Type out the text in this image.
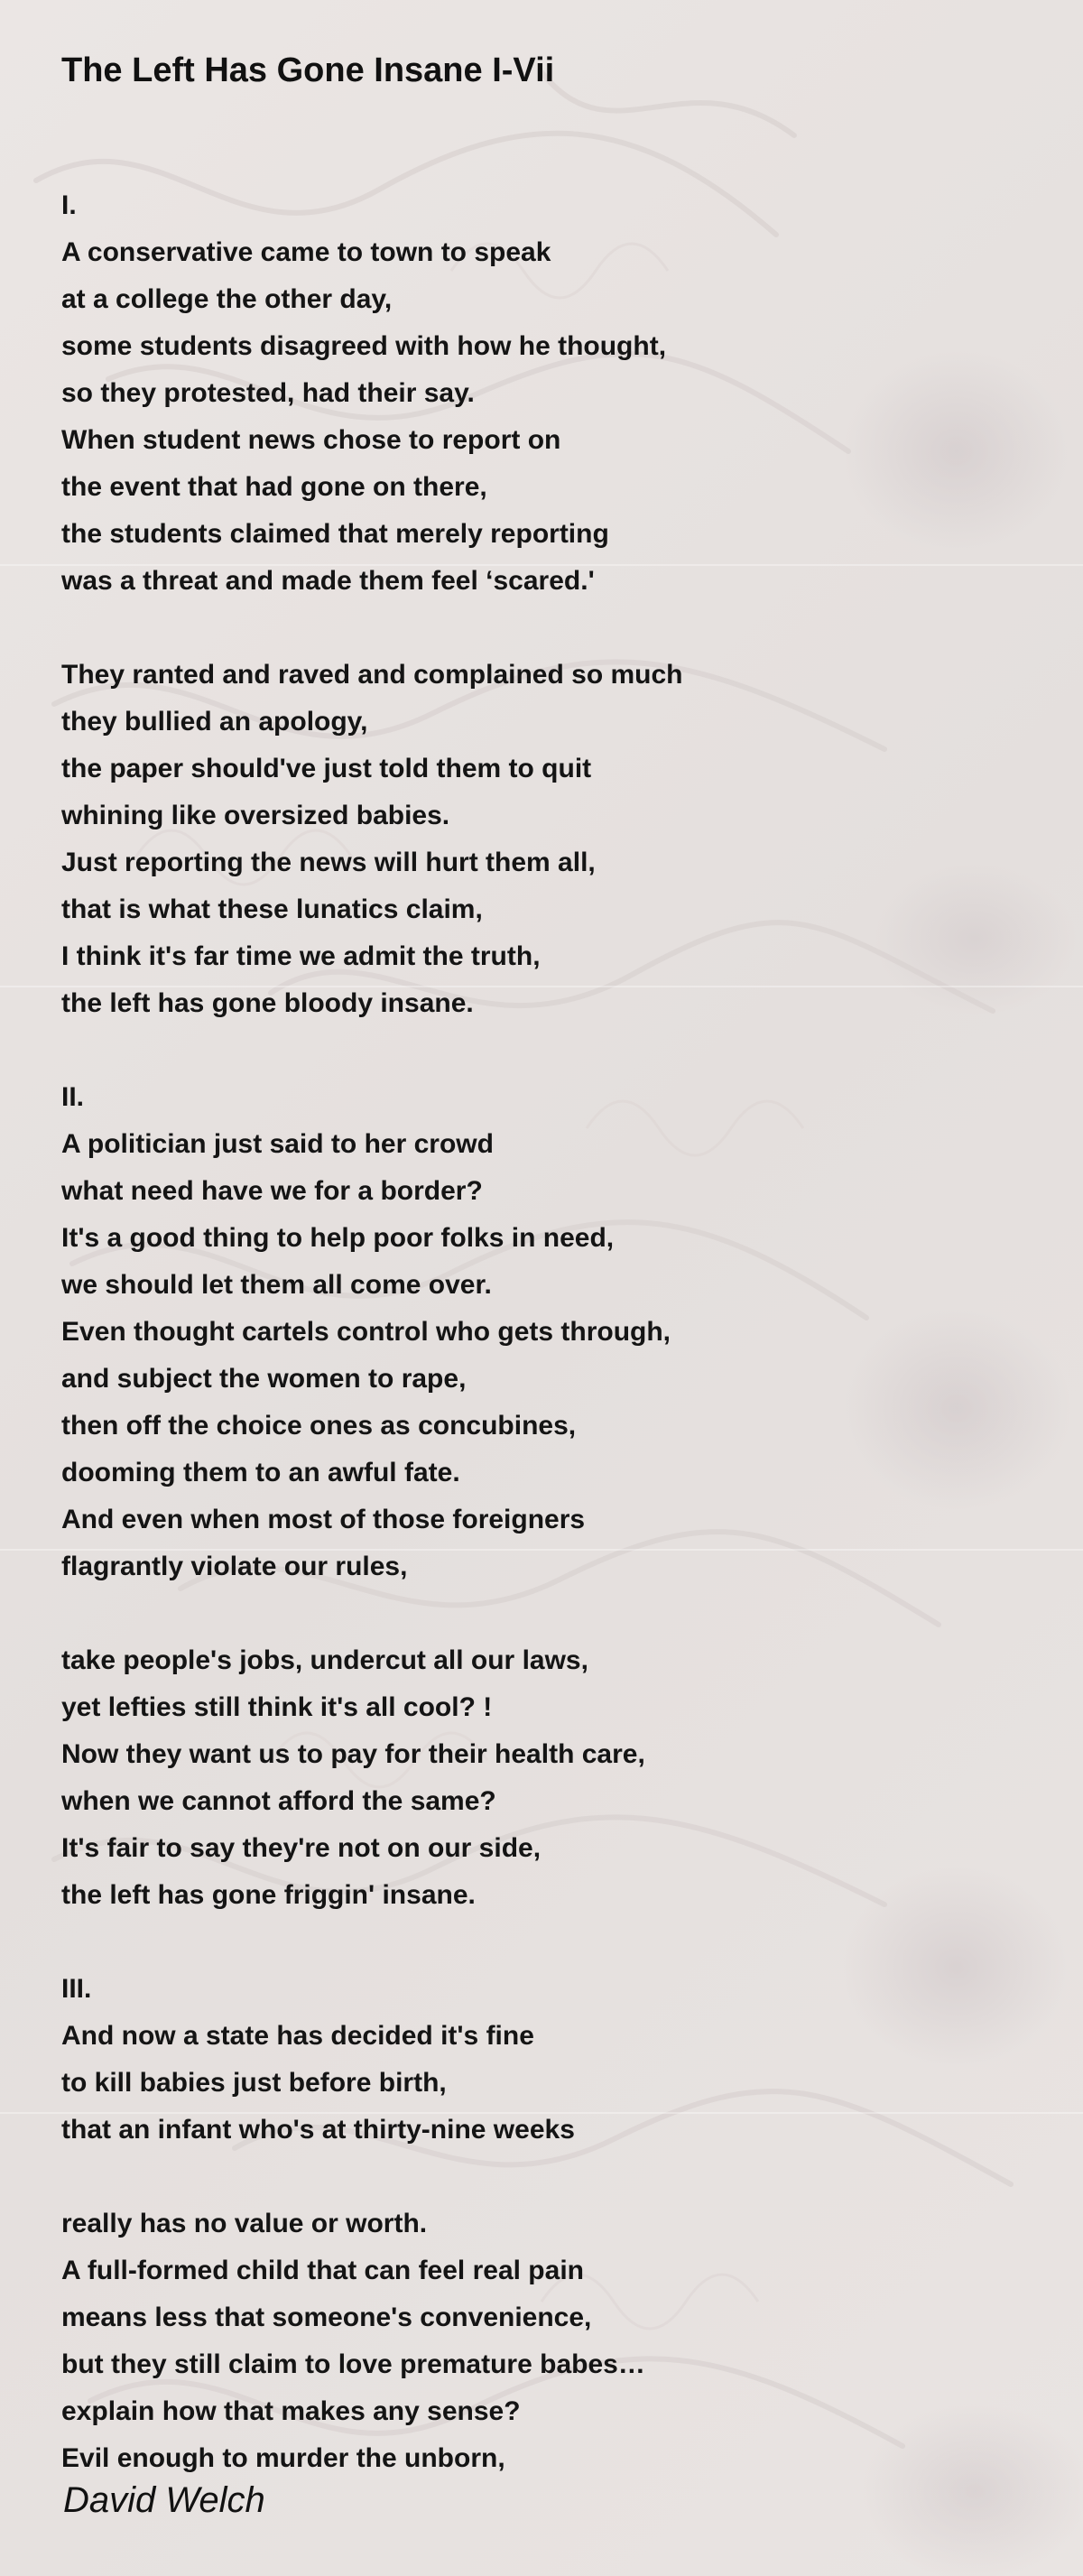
The Left Has Gone Insane I-Vii
I.
A conservative came to town to speak
at a college the other day,
some students disagreed with how he thought,
so they protested, had their say.
When student news chose to report on
the event that had gone on there,
the students claimed that merely reporting
was a threat and made them feel ‘scared.'
They ranted and raved and complained so much
they bullied an apology,
the paper should've just told them to quit
whining like oversized babies.
Just reporting the news will hurt them all,
that is what these lunatics claim,
I think it's far time we admit the truth,
the left has gone bloody insane.
II.
A politician just said to her crowd
what need have we for a border?
It's a good thing to help poor folks in need,
we should let them all come over.
Even thought cartels control who gets through,
and subject the women to rape,
then off the choice ones as concubines,
dooming them to an awful fate.
And even when most of those foreigners
flagrantly violate our rules,
take people's jobs, undercut all our laws,
yet lefties still think it's all cool? !
Now they want us to pay for their health care,
when we cannot afford the same?
It's fair to say they're not on our side,
the left has gone friggin' insane.
III.
And now a state has decided it's fine
to kill babies just before birth,
that an infant who's at thirty-nine weeks
really has no value or worth.
A full-formed child that can feel real pain
means less that someone's convenience,
but they still claim to love premature babes…
explain how that makes any sense?
Evil enough to murder the unborn,

David Welch
